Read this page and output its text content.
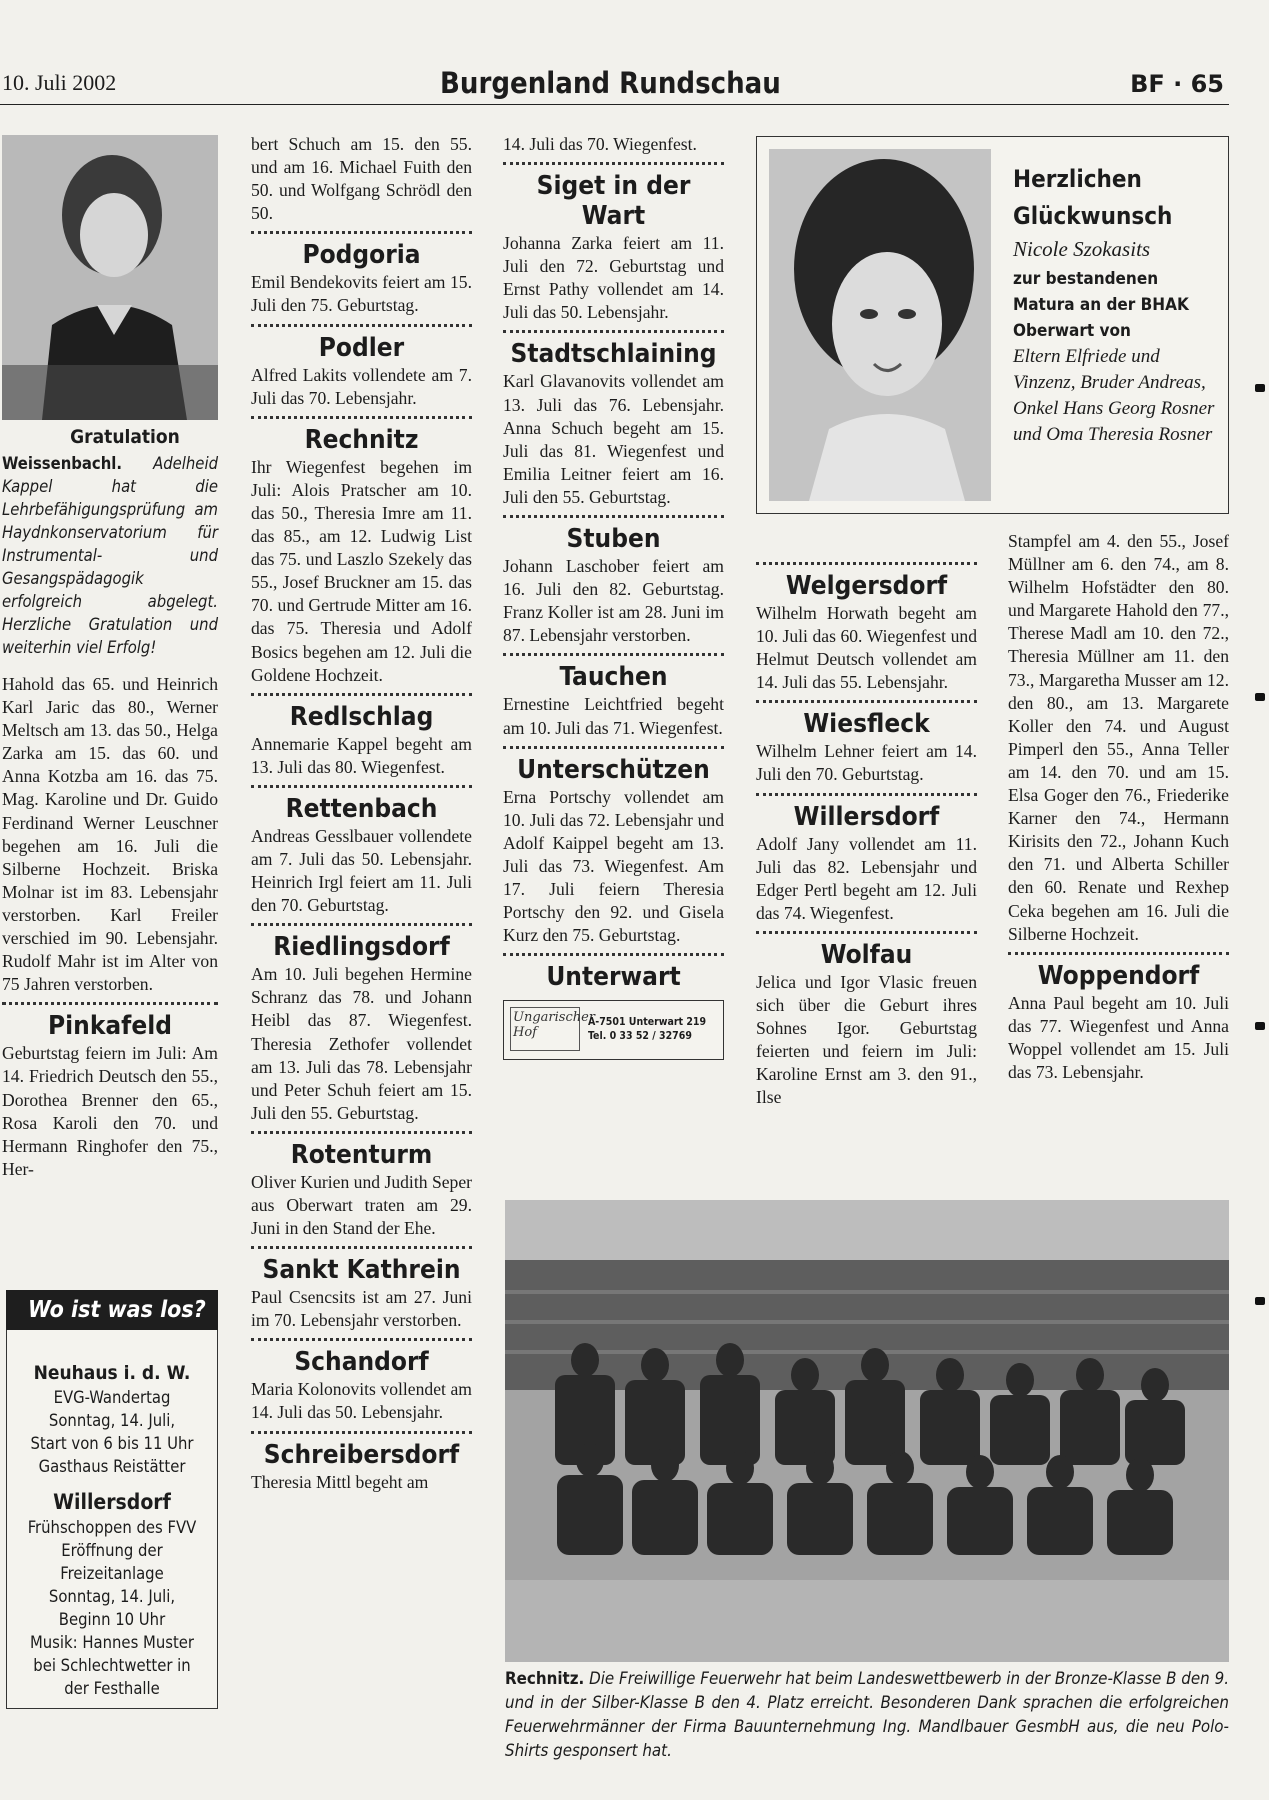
10. Juli 2002	Burgenland Rundschau	BF · 65
Gratulation
Weissenbachl. Adelheid Kappel hat die Lehrbefähigungsprüfung am Haydnkonservatorium für Instrumental- und Gesangspädagogik erfolgreich abgelegt. Herzliche Gratulation und weiterhin viel Erfolg!

Hahold das 65. und Heinrich Karl Jaric das 80., Werner Meltsch am 13. das 50., Helga Zarka am 15. das 60. und Anna Kotzba am 16. das 75. Mag. Karoline und Dr. Guido Ferdinand Werner Leuschner begehen am 16. Juli die Silberne Hochzeit. Briska Molnar ist im 83. Lebensjahr verstorben. Karl Freiler verschied im 90. Lebensjahr. Rudolf Mahr ist im Alter von 75 Jahren verstorben.

Pinkafeld

Geburtstag feiern im Juli: Am 14. Friedrich Deutsch den 55., Dorothea Brenner den 65., Rosa Karoli den 70. und Hermann Ringhofer den 75., Her-

Wo ist was los?
Neuhaus i. d. W.
EVG-Wandertag
Sonntag, 14. Juli,
Start von 6 bis 11 Uhr
Gasthaus Reistätter
Willersdorf
Frühschoppen des FVV
Eröffnung der
Freizeitanlage
Sonntag, 14. Juli,
Beginn 10 Uhr
Musik: Hannes Muster
bei Schlechtwetter in
der Festhalle

bert Schuch am 15. den 55. und am 16. Michael Fuith den 50. und Wolfgang Schrödl den 50.

Podgoria

Emil Bendekovits feiert am 15. Juli den 75. Geburtstag.

Podler

Alfred Lakits vollendete am 7. Juli das 70. Lebensjahr.

Rechnitz

Ihr Wiegenfest begehen im Juli: Alois Pratscher am 10. das 50., Theresia Imre am 11. das 85., am 12. Ludwig List das 75. und Laszlo Szekely das 55., Josef Bruckner am 15. das 70. und Gertrude Mitter am 16. das 75. Theresia und Adolf Bosics begehen am 12. Juli die Goldene Hochzeit.

Redlschlag

Annemarie Kappel begeht am 13. Juli das 80. Wiegenfest.

Rettenbach

Andreas Gesslbauer vollendete am 7. Juli das 50. Lebensjahr. Heinrich Irgl feiert am 11. Juli den 70. Geburtstag.

Riedlingsdorf

Am 10. Juli begehen Hermine Schranz das 78. und Johann Heibl das 87. Wiegenfest. Theresia Zethofer vollendet am 13. Juli das 78. Lebensjahr und Peter Schuh feiert am 15. Juli den 55. Geburtstag.

Rotenturm

Oliver Kurien und Judith Seper aus Oberwart traten am 29. Juni in den Stand der Ehe.

Sankt Kathrein

Paul Csencsits ist am 27. Juni im 70. Lebensjahr verstorben.

Schandorf

Maria Kolonovits vollendet am 14. Juli das 50. Lebensjahr.

Schreibersdorf

Theresia Mittl begeht am

14. Juli das 70. Wiegenfest.

Siget in der Wart

Johanna Zarka feiert am 11. Juli den 72. Geburtstag und Ernst Pathy vollendet am 14. Juli das 50. Lebensjahr.

Stadtschlaining

Karl Glavanovits vollendet am 13. Juli das 76. Lebensjahr. Anna Schuch begeht am 15. Juli das 81. Wiegenfest und Emilia Leitner feiert am 16. Juli den 55. Geburtstag.

Stuben

Johann Laschober feiert am 16. Juli den 82. Geburtstag. Franz Koller ist am 28. Juni im 87. Lebensjahr verstorben.

Tauchen

Ernestine Leichtfried begeht am 10. Juli das 71. Wiegenfest.

Unterschützen

Erna Portschy vollendet am 10. Juli das 72. Lebensjahr und Adolf Kaippel begeht am 13. Juli das 73. Wiegenfest. Am 17. Juli feiern Theresia Portschy den 92. und Gisela Kurz den 75. Geburtstag.

Unterwart
Ungarischer Hof
A-7501 Unterwart 219
Tel. 0 33 52 / 32769
Herzlichen Glückwunsch
Nicole Szokasits
zur bestandenen Matura an der BHAK Oberwart von
Eltern Elfriede und Vinzenz, Bruder Andreas, Onkel Hans Georg Rosner und Oma Theresia Rosner
Welgersdorf

Wilhelm Horwath begeht am 10. Juli das 60. Wiegenfest und Helmut Deutsch vollendet am 14. Juli das 55. Lebensjahr.

Wiesfleck

Wilhelm Lehner feiert am 14. Juli den 70. Geburtstag.

Willersdorf

Adolf Jany vollendet am 11. Juli das 82. Lebensjahr und Edger Pertl begeht am 12. Juli das 74. Wiegenfest.

Wolfau

Jelica und Igor Vlasic freuen sich über die Geburt ihres Sohnes Igor. Geburtstag feierten und feiern im Juli: Karoline Ernst am 3. den 91., Ilse

Stampfel am 4. den 55., Josef Müllner am 6. den 74., am 8. Wilhelm Hofstädter den 80. und Margarete Hahold den 77., Therese Madl am 10. den 72., Theresia Müllner am 11. den 73., Margaretha Musser am 12. den 80., am 13. Margarete Koller den 74. und August Pimperl den 55., Anna Teller am 14. den 70. und am 15. Elsa Goger den 76., Friederike Karner den 74., Hermann Kirisits den 72., Johann Kuch den 71. und Alberta Schiller den 60. Renate und Rexhep Ceka begehen am 16. Juli die Silberne Hochzeit.

Woppendorf

Anna Paul begeht am 10. Juli das 77. Wiegenfest und Anna Woppel vollendet am 15. Juli das 73. Lebensjahr.

Rechnitz. Die Freiwillige Feuerwehr hat beim Landeswettbewerb in der Bronze-Klasse B den 9. und in der Silber-Klasse B den 4. Platz erreicht. Besonderen Dank sprachen die erfolgreichen Feuerwehrmänner der Firma Bauunternehmung Ing. Mandlbauer GesmbH aus, die neu Polo-Shirts gesponsert hat.
